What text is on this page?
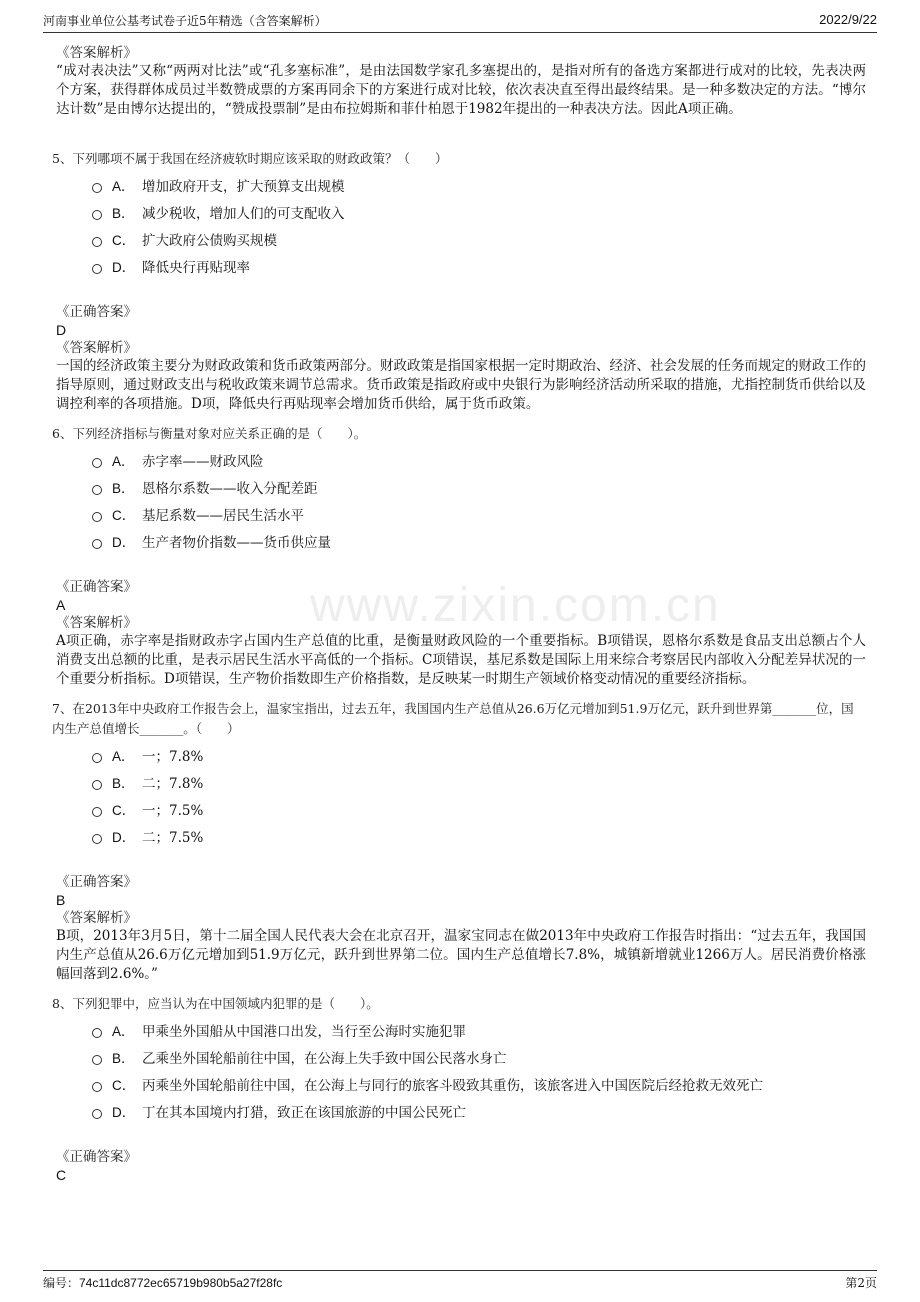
河南事业单位公基考试卷子近5年精选（含答案解析）	2022/9/22
www.zixin.com.cn
《答案解析》

“成对表决法”又称“两两对比法”或“孔多塞标准”，是由法国数学家孔多塞提出的，是指对所有的备选方案都进行成对的比较，先表决两个方案，获得群体成员过半数赞成票的方案再同余下的方案进行成对比较，依次表决直至得出最终结果。是一种多数决定的方法。“博尔达计数”是由博尔达提出的，“赞成投票制”是由布拉姆斯和菲什柏恩于1982年提出的一种表决方法。因此A项正确。

5、下列哪项不属于我国在经济疲软时期应该采取的财政政策？（　　）
A． 增加政府开支，扩大预算支出规模
B． 减少税收，增加人们的可支配收入
C． 扩大政府公债购买规模
D． 降低央行再贴现率
《正确答案》
D
《答案解析》

一国的经济政策主要分为财政政策和货币政策两部分。财政政策是指国家根据一定时期政治、经济、社会发展的任务而规定的财政工作的指导原则，通过财政支出与税收政策来调节总需求。货币政策是指政府或中央银行为影响经济活动所采取的措施，尤指控制货币供给以及调控利率的各项措施。D项，降低央行再贴现率会增加货币供给，属于货币政策。

6、下列经济指标与衡量对象对应关系正确的是（　　）。
A． 赤字率——财政风险
B． 恩格尔系数——收入分配差距
C． 基尼系数——居民生活水平
D． 生产者物价指数——货币供应量
《正确答案》
A
《答案解析》

A项正确，赤字率是指财政赤字占国内生产总值的比重，是衡量财政风险的一个重要指标。B项错误，恩格尔系数是食品支出总额占个人消费支出总额的比重，是表示居民生活水平高低的一个指标。C项错误，基尼系数是国际上用来综合考察居民内部收入分配差异状况的一个重要分析指标。D项错误，生产物价指数即生产价格指数，是反映某一时期生产领域价格变动情况的重要经济指标。

7、在2013年中央政府工作报告会上，温家宝指出，过去五年，我国国内生产总值从26.6万亿元增加到51.9万亿元，跃升到世界第_______位，国内生产总值增长_______。（　　）
A． 一；7.8%
B． 二；7.8%
C． 一；7.5%
D． 二；7.5%
《正确答案》
B
《答案解析》

B项，2013年3月5日，第十二届全国人民代表大会在北京召开，温家宝同志在做2013年中央政府工作报告时指出：“过去五年，我国国内生产总值从26.6万亿元增加到51.9万亿元，跃升到世界第二位。国内生产总值增长7.8%，城镇新增就业1266万人。居民消费价格涨幅回落到2.6%。”

8、下列犯罪中，应当认为在中国领域内犯罪的是（　　）。
A． 甲乘坐外国船从中国港口出发，当行至公海时实施犯罪
B． 乙乘坐外国轮船前往中国，在公海上失手致中国公民落水身亡
C． 丙乘坐外国轮船前往中国，在公海上与同行的旅客斗殴致其重伤，该旅客进入中国医院后经抢救无效死亡
D． 丁在其本国境内打猎，致正在该国旅游的中国公民死亡
《正确答案》
C
编号：74c11dc8772ec65719b980b5a27f28fc	第2页
